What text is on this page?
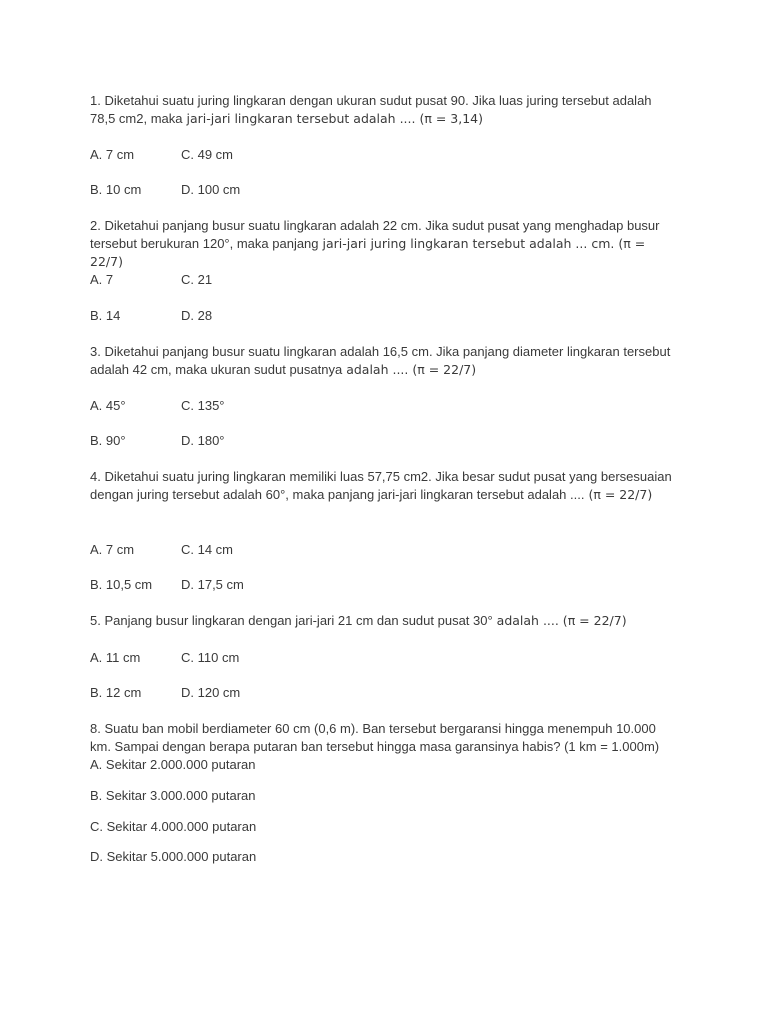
1. Diketahui suatu juring lingkaran dengan ukuran sudut pusat 90. Jika luas juring tersebut adalah 78,5 cm2, maka jari-jari lingkaran tersebut adalah .... (π = 3,14)
A. 7 cm	C. 49 cm
B. 10 cm	D. 100 cm
2. Diketahui panjang busur suatu lingkaran adalah 22 cm. Jika sudut pusat yang menghadap busur tersebut berukuran 120°, maka panjang jari-jari juring lingkaran tersebut adalah ... cm. (π = 22/7)
A. 7	C. 21
B. 14	D. 28
3. Diketahui panjang busur suatu lingkaran adalah 16,5 cm. Jika panjang diameter lingkaran tersebut adalah 42 cm, maka ukuran sudut pusatnya adalah .... (π = 22/7)
A. 45°	C. 135°
B. 90°	D. 180°
4. Diketahui suatu juring lingkaran memiliki luas 57,75 cm2. Jika besar sudut pusat yang bersesuaian dengan juring tersebut adalah 60°, maka panjang jari-jari lingkaran tersebut adalah .... (π = 22/7)
A. 7 cm	C. 14 cm
B. 10,5 cm D. 17,5 cm
5. Panjang busur lingkaran dengan jari-jari 21 cm dan sudut pusat 30° adalah .... (π = 22/7)
A. 11 cm	C. 110 cm
B. 12 cm	D. 120 cm
8. Suatu ban mobil berdiameter 60 cm (0,6 m). Ban tersebut bergaransi hingga menempuh 10.000 km. Sampai dengan berapa putaran ban tersebut hingga masa garansinya habis? (1 km = 1.000m)
A. Sekitar 2.000.000 putaran
B. Sekitar 3.000.000 putaran
C. Sekitar 4.000.000 putaran
D. Sekitar 5.000.000 putaran
